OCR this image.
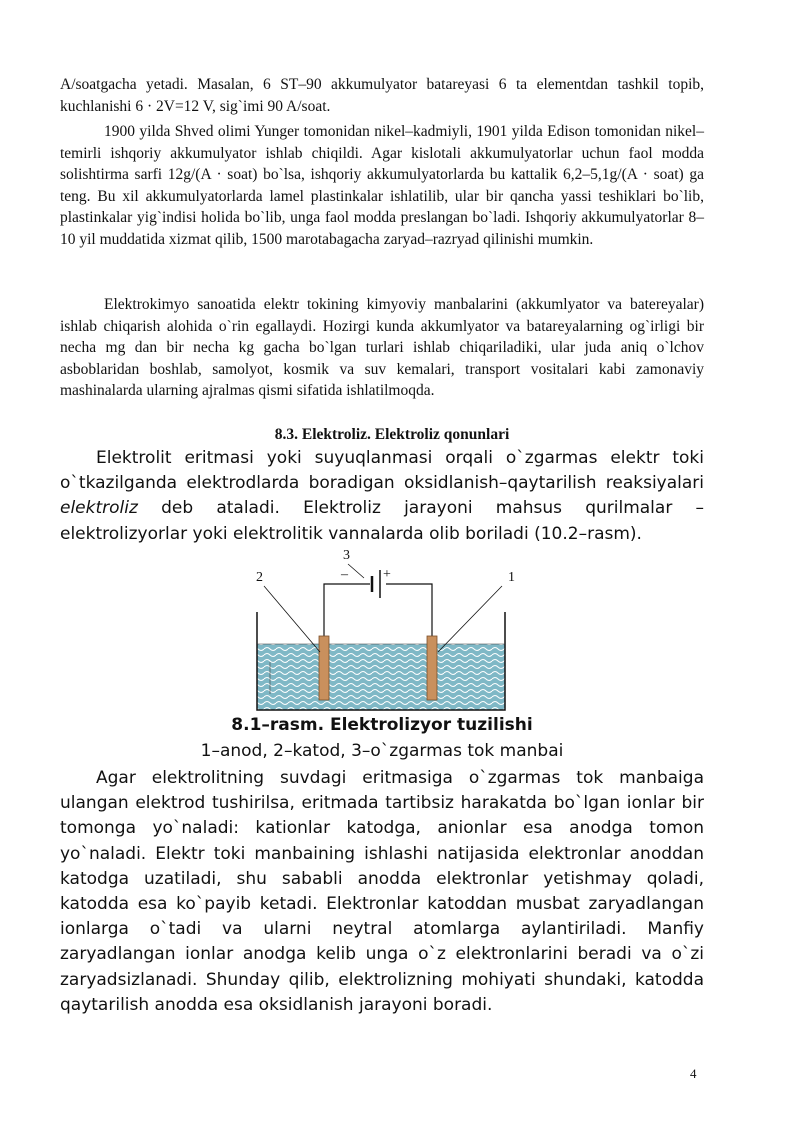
A/soatgacha yetadi. Masalan, 6 ST–90 akkumulyator batareyasi 6 ta elementdan tashkil topib, kuchlanishi 6 · 2V=12 V, sig`imi 90 A/soat.

1900 yilda Shved olimi Yunger tomonidan nikel–kadmiyli, 1901 yilda Edison tomonidan nikel–temirli ishqoriy akkumulyator ishlab chiqildi. Agar kislotali akkumulyatorlar uchun faol modda solishtirma sarfi 12g/(A · soat) bo`lsa, ishqoriy akkumulyatorlarda bu kattalik 6,2–5,1g/(A · soat) ga teng. Bu xil akkumulyatorlarda lamel plastinkalar ishlatilib, ular bir qancha yassi teshiklari bo`lib, plastinkalar yig`indisi holida bo`lib, unga faol modda preslangan bo`ladi. Ishqoriy akkumulyatorlar 8–10 yil muddatida xizmat qilib, 1500 marotabagacha zaryad–razryad qilinishi mumkin.

Elektrokimyo sanoatida elektr tokining kimyoviy manbalarini (akkumlyator va batereyalar) ishlab chiqarish alohida o`rin egallaydi. Hozirgi kunda akkumlyator va batareyalarning og`irligi bir necha mg dan bir necha kg gacha bo`lgan turlari ishlab chiqariladiki, ular juda aniq o`lchov asboblaridan boshlab, samolyot, kosmik va suv kemalari, transport vositalari kabi zamonaviy mashinalarda ularning ajralmas qismi sifatida ishlatilmoqda.

8.3. Elektroliz. Elektroliz qonunlari

Elektrolit eritmasi yoki suyuqlanmasi orqali o`zgarmas elektr toki o`tkazilganda elektrodlarda boradigan oksidlanish–qaytarilish reaksiyalari elektroliz deb ataladi. Elektroliz jarayoni mahsus qurilmalar – elektrolizyorlar yoki elektrolitik vannalarda olib boriladi (10.2–rasm).

–	+
3
2	1

8.1–rasm. Elektrolizyor tuzilishi

1–anod, 2–katod, 3–o`zgarmas tok manbai

Agar elektrolitning suvdagi eritmasiga o`zgarmas tok manbaiga ulangan elektrod tushirilsa, eritmada tartibsiz harakatda bo`lgan ionlar bir tomonga yo`naladi: kationlar katodga, anionlar esa anodga tomon yo`naladi. Elektr toki manbaining ishlashi natijasida elektronlar anoddan katodga uzatiladi, shu sababli anodda elektronlar yetishmay qoladi, katodda esa ko`payib ketadi. Elektronlar katoddan musbat zaryadlangan ionlarga o`tadi va ularni neytral atomlarga aylantiriladi. Manfiy zaryadlangan ionlar anodga kelib unga o`z elektronlarini beradi va o`zi zaryadsizlanadi. Shunday qilib, elektrolizning mohiyati shundaki, katodda qaytarilish anodda esa oksidlanish jarayoni boradi.

4
